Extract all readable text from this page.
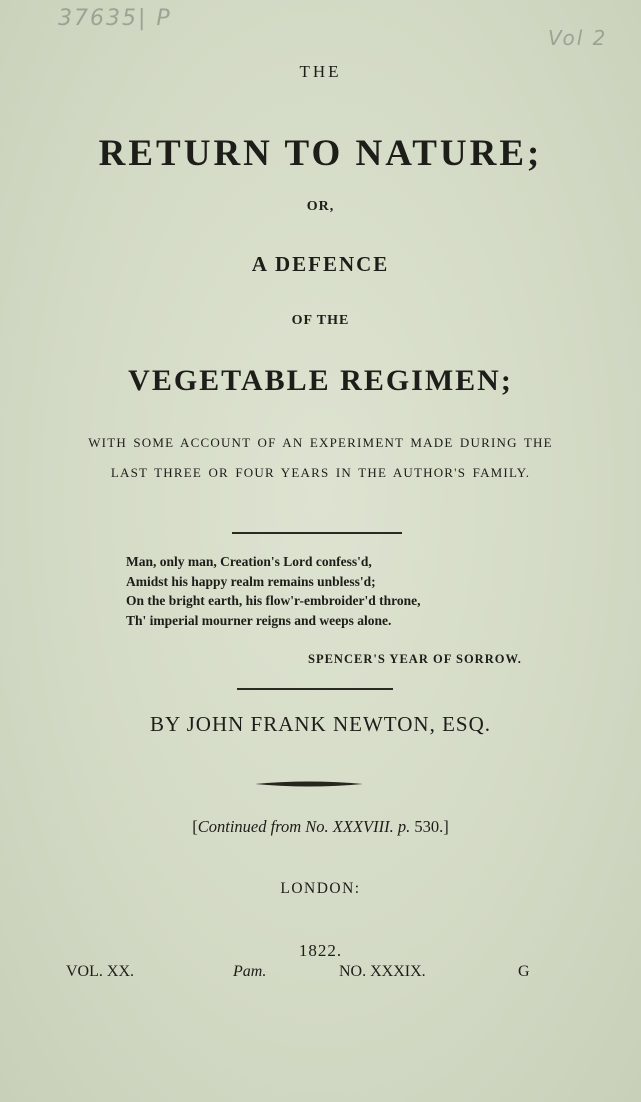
37635| P
Vol 2
THE
RETURN TO NATURE;
OR,
A DEFENCE
OF THE
VEGETABLE REGIMEN;
WITH SOME ACCOUNT OF AN EXPERIMENT MADE DURING THE
LAST THREE OR FOUR YEARS IN THE AUTHOR'S FAMILY.
Man, only man, Creation's Lord confess'd,
Amidst his happy realm remains unbless'd;
On the bright earth, his flow'r-embroider'd throne,
Th' imperial mourner reigns and weeps alone.
SPENCER'S YEAR OF SORROW.
BY JOHN FRANK NEWTON, ESQ.
[Continued from No. XXXVIII. p. 530.]
LONDON:
1822.
VOL. XX.	Pam.	NO. XXXIX.	G
